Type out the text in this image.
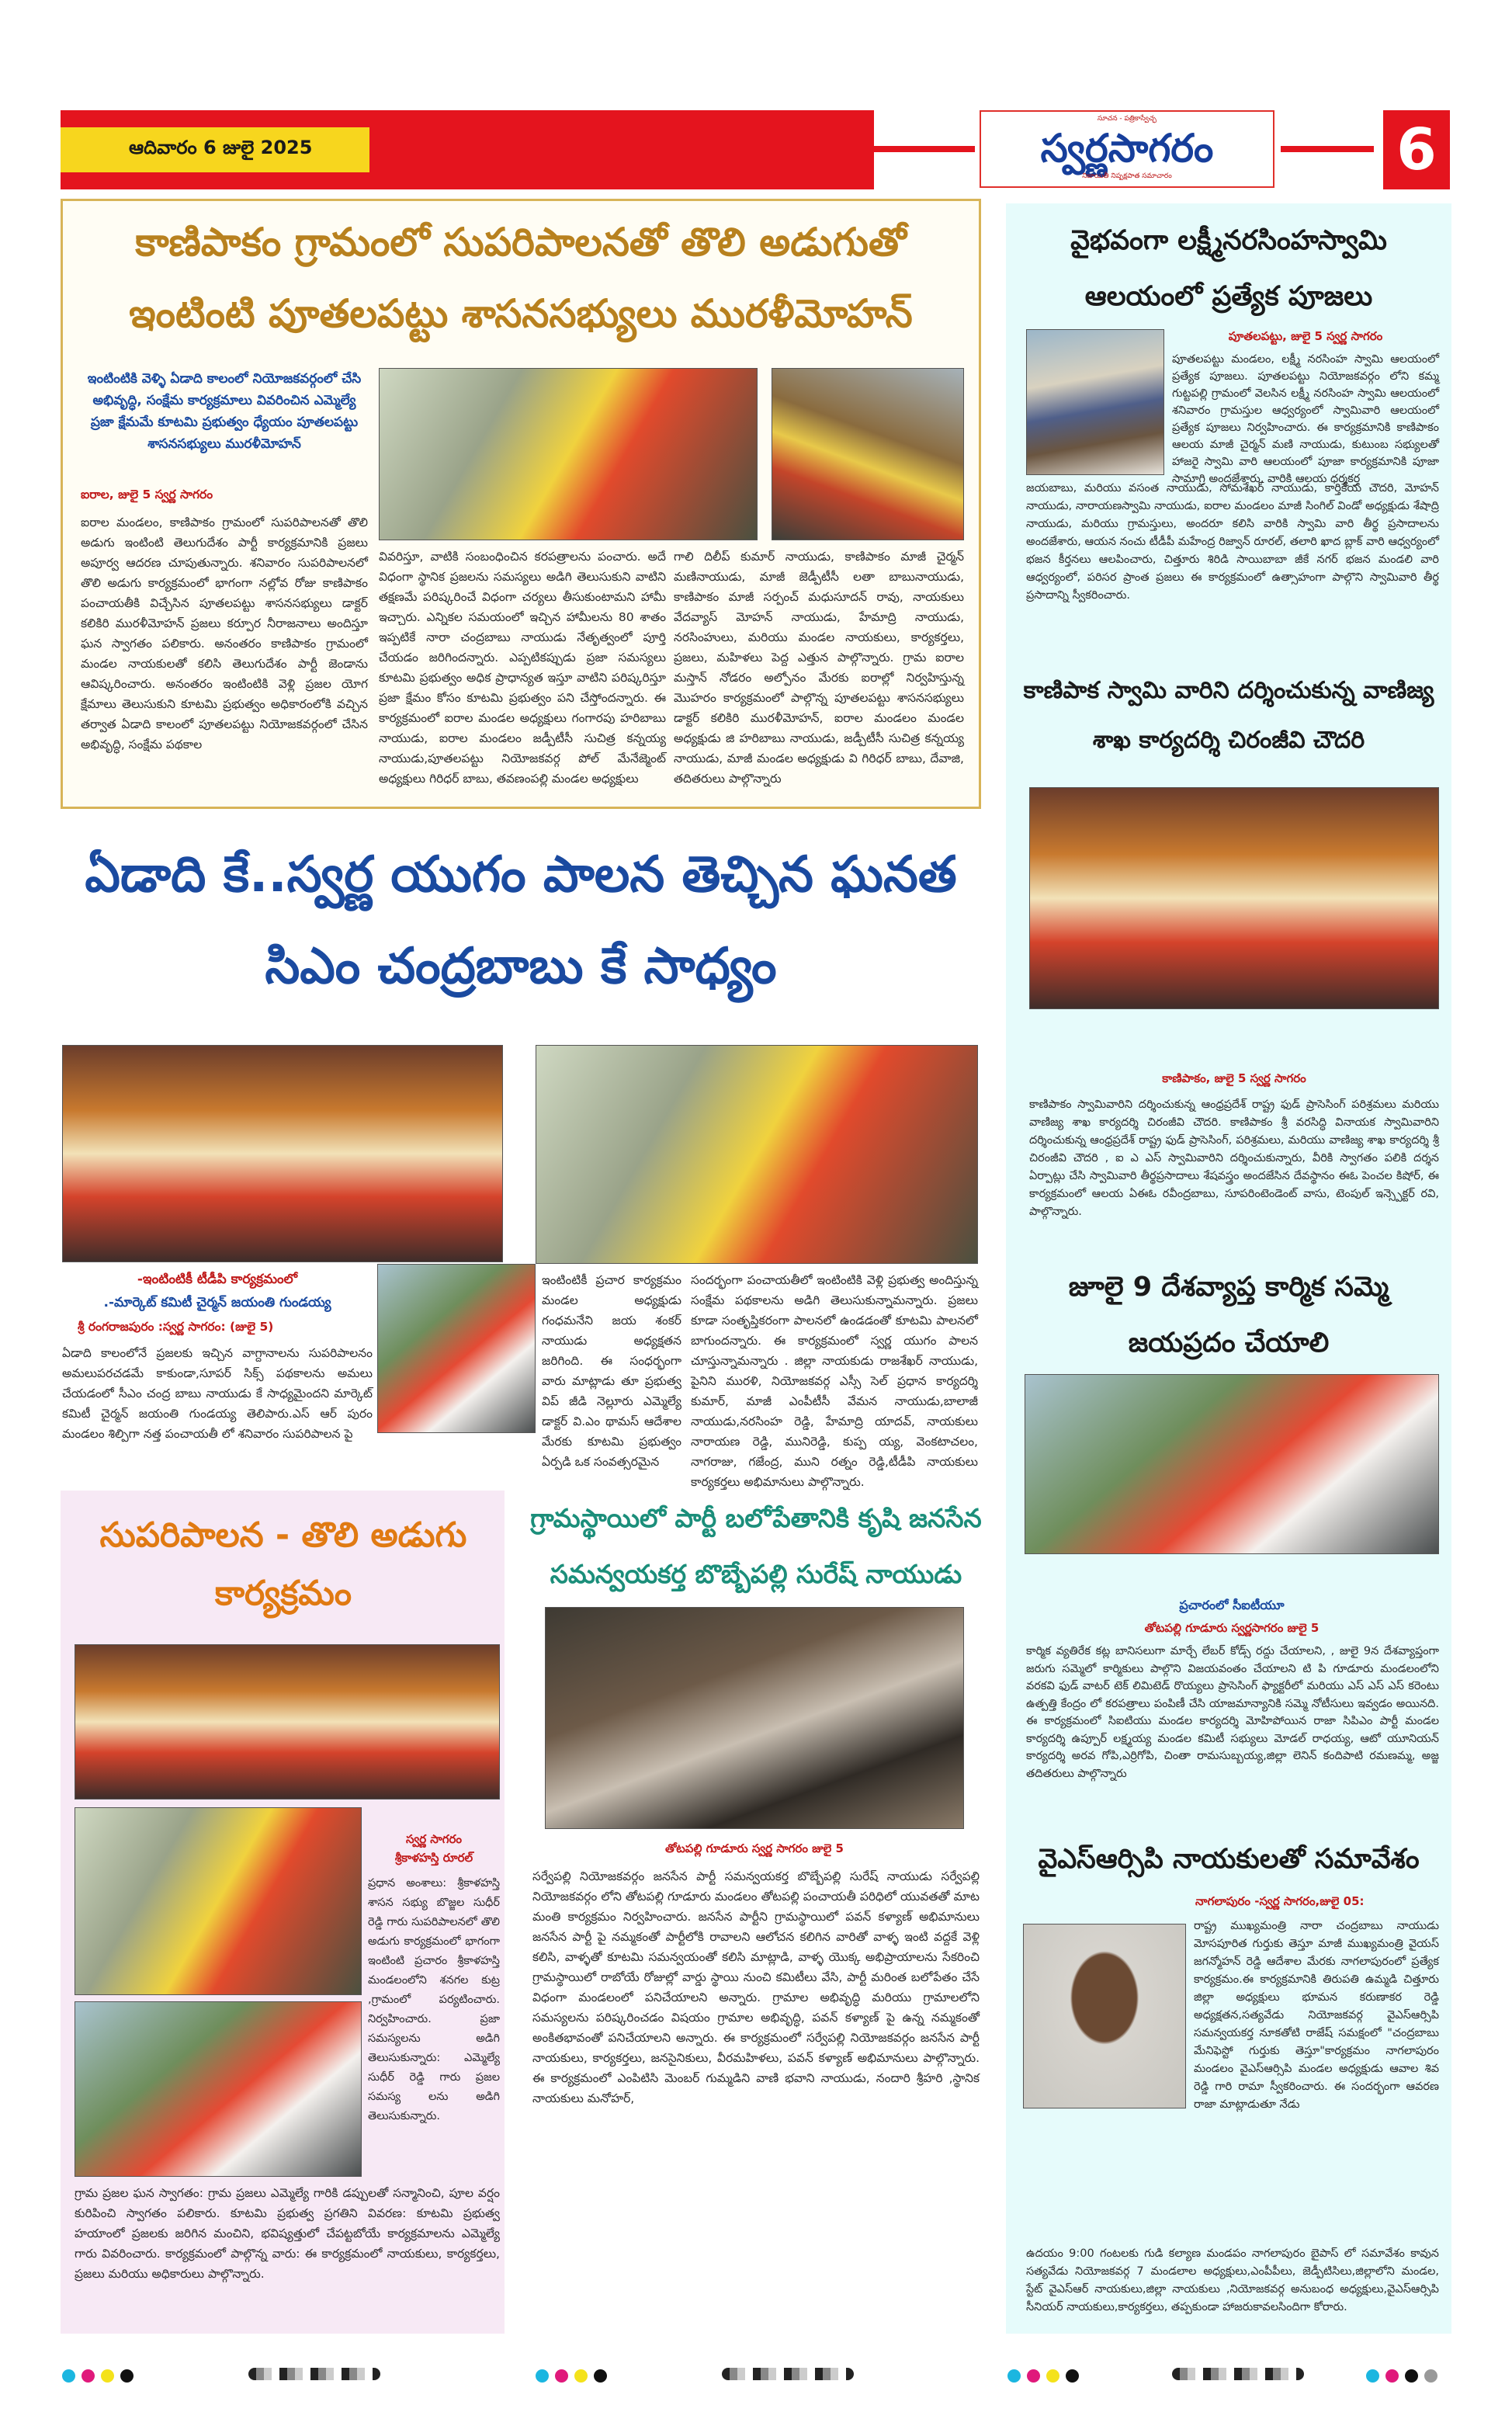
ఆదివారం 6 జులై 2025
సూచన - పత్రికాస్వేచ్ఛ
స్వర్ణసాగరం
నిజాయితీ నిష్పక్షపాత సమాచారం	6
కాణిపాకం గ్రామంలో సుపరిపాలనతో తొలి అడుగుతో ఇంటింటి పూతలపట్టు శాసనసభ్యులు మురళీమోహన్
ఇంటింటికి వెళ్ళి ఏడాది కాలంలో నియోజకవర్గంలో చేసి అభివృద్ధి, సంక్షేమ కార్యక్రమాలు వివరించిన ఎమ్మెల్యే ప్రజా క్షేమమే కూటమి ప్రభుత్వం ధ్యేయం పూతలపట్టు శాసనసభ్యులు మురళీమోహన్
ఐరాల, జులై 5 స్వర్ణ సాగరం
ఐరాల మండలం, కాణిపాకం గ్రామంలో సుపరిపాలనతో తొలి అడుగు ఇంటింటి తెలుగుదేశం పార్టీ కార్యక్రమానికి ప్రజలు అపూర్వ ఆదరణ చూపుతున్నారు. శనివారం సుపరిపాలనలో తొలి అడుగు కార్యక్రమంలో భాగంగా నల్లోవ రోజు కాణిపాకం పంచాయతీకి విచ్చేసిన పూతలపట్టు శాసనసభ్యులు డాక్టర్ కలికిరి మురళీమోహన్ ప్రజలు కర్పూర నీరాజనాలు అందిస్తూ ఘన స్వాగతం పలికారు. అనంతరం కాణిపాకం గ్రామంలో మండల నాయకులతో కలిసి తెలుగుదేశం పార్టీ జెండాను ఆవిష్కరించారు. అనంతరం ఇంటింటికి వెళ్లి ప్రజల యోగ క్షేమాలు తెలుసుకుని కూటమి ప్రభుత్వం అధికారంలోకి వచ్చిన తర్వాత ఏడాది కాలంలో పూతలపట్టు నియోజకవర్గంలో చేసిన అభివృద్ధి, సంక్షేమ పథకాల
వివరిస్తూ, వాటికి సంబంధించిన కరపత్రాలను పంచారు. అదే విధంగా స్థానిక ప్రజలను సమస్యలు అడిగి తెలుసుకుని వాటిని తక్షణమే పరిష్కరించే విధంగా చర్యలు తీసుకుంటామని హామీ ఇచ్చారు. ఎన్నికల సమయంలో ఇచ్చిన హామీలను 80 శాతం ఇప్పటికే నారా చంద్రబాబు నాయుడు నేతృత్వంలో పూర్తి చేయడం జరిగిందన్నారు. ఎప్పటికప్పుడు ప్రజా సమస్యలు కూటమి ప్రభుత్వం అధిక ప్రాధాన్యత ఇస్తూ వాటిని పరిష్కరిస్తూ ప్రజా క్షేమం కోసం కూటమి ప్రభుత్వం పని చేస్తోందన్నారు. ఈ కార్యక్రమంలో ఐరాల మండల అధ్యక్షులు గంగారపు హరిబాబు నాయుడు, ఐరాల మండలం జడ్పీటీసీ సుచిత్ర కన్నయ్య నాయుడు,పూతలపట్టు నియోజకవర్గ పోల్ మేనేజ్మెంట్ అధ్యక్షులు గిరిధర్ బాబు, తవణంపల్లి మండల అధ్యక్షులు
గాలి దిలీప్ కుమార్ నాయుడు, కాణిపాకం మాజీ చైర్మన్ మణినాయుడు, మాజీ జెడ్పీటీసీ లతా బాబునాయుడు, కాణిపాకం మాజీ సర్పంచ్ మధుసూదన్ రావు, నాయకులు వేదవ్యాస్ మోహన్ నాయుడు, హేమాద్రి నాయుడు, నరసింహులు, మరియు మండల నాయకులు, కార్యకర్తలు, ప్రజలు, మహిళలు పెద్ద ఎత్తున పాల్గొన్నారు. గ్రామ ఐరాల మస్తాన్ నోడరం అల్పోనం మేరకు ఐరాల్లో నిర్వహిస్తున్న మొహరం కార్యక్రమంలో పాల్గొన్న పూతలపట్టు శాసనసభ్యులు డాక్టర్ కలికిరి మురళీమోహన్, ఐరాల మండలం మండల అధ్యక్షుడు జి హరిబాబు నాయుడు, జడ్పీటీసీ సుచిత్ర కన్నయ్య నాయుడు, మాజీ మండల అధ్యక్షుడు వి గిరిధర్ బాబు, దేవాజి, తదితరులు పాల్గొన్నారు
ఏడాది కే..స్వర్ణ యుగం పాలన తెచ్చిన ఘనత సిఎం చంద్రబాబు కే సాధ్యం
-ఇంటింటికీ టీడీపి కార్యక్రమంలో
.-మార్కెట్ కమిటీ చైర్మన్ జయంతి గుండయ్య
శ్రీ రంగరాజపురం :స్వర్ణ సాగరం: (జులై 5)
ఏడాది కాలంలోనే ప్రజలకు ఇచ్చిన వాగ్దానాలను సుపరిపాలనం అమలుపరచడమే కాకుండా,సూపర్ సిక్స్ పథకాలను అమలు చేయడంలో సీఎం చంద్ర బాబు నాయుడు కే సాధ్యమైందని మార్కెట్ కమిటీ చైర్మన్ జయంతి గుండయ్య తెలిపారు.ఎస్ ఆర్ పురం మండలం శిల్పిగా నత్త పంచాయతీ లో శనివారం సుపరిపాలన పై
ఇంటింటికీ ప్రచార కార్యక్రమం మండల అధ్యక్షుడు గంధమనేని జయ శంకర్ నాయుడు అధ్యక్షతన జరిగింది. ఈ సంధర్భంగా వారు మాట్లాడు తూ ప్రభుత్వ విప్ జీడి నెల్లూరు ఎమ్మెల్యే డాక్టర్ వి.ఎం థామస్ ఆదేశాల మేరకు కూటమి ప్రభుత్వం ఏర్పడి ఒక సంవత్సరమైన
సందర్భంగా పంచాయతీలో ఇంటింటికి వెళ్లి ప్రభుత్వ అందిస్తున్న సంక్షేమ పథకాలను అడిగి తెలుసుకున్నామన్నారు. ప్రజలు కూడా సంతృప్తికరంగా పాలనలో ఉండడంతో కూటమి పాలనలో బాగుందన్నారు. ఈ కార్యక్రమంలో స్వర్ణ యుగం పాలన చూస్తున్నామన్నారు . జిల్లా నాయకుడు రాజశేఖర్ నాయుడు, పైనిని మురళి, నియోజకవర్గ ఎస్సీ సెల్ ప్రధాన కార్యదర్శి కుమార్, మాజీ ఎంపీటీసీ వేమన నాయుడు,బాలాజీ నాయుడు,నరసింహ రెడ్డి, హేమాద్రి యాదవ్, నాయకులు నారాయణ రెడ్డి, మునిరెడ్డి, కుప్ప య్య, వెంకటాచలం, నాగరాజు, గజేంద్ర, ముని రత్నం రెడ్డి,టీడీపి నాయకులు కార్యకర్తలు అభిమానులు పాల్గొన్నారు.
సుపరిపాలన - తొలి అడుగు కార్యక్రమం
స్వర్ణ సాగరం
శ్రీకాళహస్తి రూరల్
ప్రధాన అంశాలు: శ్రీకాళహస్తి శాసన సభ్యు బొజ్జల సుధీర్ రెడ్డి గారు సుపరిపాలనలో తొలి అడుగు కార్యక్రమంలో భాగంగా ఇంటింటి ప్రచారం శ్రీకాళహస్తి మండలంలోని శనగల కుట్ర ,గ్రామంలో పర్యటించారు. నిర్వహించారు. ప్రజా సమస్యలను అడిగి తెలుసుకున్నారు: ఎమ్మెల్యే సుధీర్ రెడ్డి గారు ప్రజల సమస్య లను అడిగి తెలుసుకున్నారు.
గ్రామ ప్రజల ఘన స్వాగతం: గ్రామ ప్రజలు ఎమ్మెల్యే గారికి డప్పులతో సన్మానించి, పూల వర్షం కురిపించి స్వాగతం పలికారు. కూటమి ప్రభుత్వ ప్రగతిని వివరణ: కూటమి ప్రభుత్వ హయాంలో ప్రజలకు జరిగిన మంచిని, భవిష్యత్తులో చేపట్టబోయే కార్యక్రమాలను ఎమ్మెల్యే గారు వివరించారు. కార్యక్రమంలో పాల్గొన్న వారు: ఈ కార్యక్రమంలో నాయకులు, కార్యకర్తలు, ప్రజలు మరియు అధికారులు పాల్గొన్నారు.
గ్రామస్థాయిలో పార్టీ బలోపేతానికి కృషి జనసేన సమన్వయకర్త బొబ్బేపల్లి సురేష్ నాయుడు
తోటపల్లి గూడూరు స్వర్ణ సాగరం జులై 5
సర్వేపల్లి నియోజకవర్గం జనసేన పార్టీ సమన్వయకర్త బొబ్బేపల్లి సురేష్ నాయుడు సర్వేపల్లి నియోజకవర్గం లోని తోటపల్లి గూడూరు మండలం తోటపల్లి పంచాయతీ పరిధిలో యువతతో మాట మంతి కార్యక్రమం నిర్వహించారు. జనసేన పార్టీని గ్రామస్థాయిలో పవన్ కళ్యాణ్ అభిమానులు జనసేన పార్టీ పై నమ్మకంతో పార్టీలోకి రావాలని ఆలోచన కలిగిన వారితో వాళ్ళ ఇంటి వద్దకే వెళ్లి కలిసి, వాళ్ళతో కూటమి సమన్వయంతో కలిసి మాట్లాడి, వాళ్ళ యొక్క అభిప్రాయాలను సేకరించి గ్రామస్థాయిలో రాబోయే రోజుల్లో వార్డు స్థాయి నుంచి కమిటీలు వేసి, పార్టీ మరింత బలోపేతం చేసే విధంగా మండలంలో పనిచేయాలని అన్నారు. గ్రామాల అభివృద్ధి మరియు గ్రామాలలోని సమస్యలను పరిష్కరించడం విషయం గ్రామాల అభివృద్ధి, పవన్ కళ్యాణ్ పై ఉన్న నమ్మకంతో అంకితభావంతో పనిచేయాలని అన్నారు. ఈ కార్యక్రమంలో సర్వేపల్లి నియోజకవర్గం జనసేన పార్టీ నాయకులు, కార్యకర్తలు, జనసైనికులు, వీరమహిళలు, పవన్ కళ్యాణ్ అభిమానులు పాల్గొన్నారు. ఈ కార్యక్రమంలో ఎంపిటిసి మెంబర్ గుమ్మడిని వాణి భవాని నాయుడు, నందారి శ్రీహరి ,స్థానిక నాయకులు మనోహర్,
వైభవంగా లక్ష్మీనరసింహస్వామి ఆలయంలో ప్రత్యేక పూజలు
పూతలపట్టు, జులై 5 స్వర్ణ సాగరం
పూతలపట్టు మండలం, లక్ష్మీ నరసింహ స్వామి ఆలయంలో ప్రత్యేక పూజలు. పూతలపట్టు నియోజకవర్గం లోని కమ్మ గుట్టపల్లి గ్రామంలో వెలసిన లక్ష్మీ నరసింహ స్వామి ఆలయంలో శనివారం గ్రామస్తుల ఆధ్వర్యంలో స్వామివారి ఆలయంలో ప్రత్యేక పూజలు నిర్వహించారు. ఈ కార్యక్రమానికి కాణిపాకం ఆలయ మాజీ చైర్మన్ మణి నాయుడు, కుటుంబ సభ్యులతో హాజరై స్వామి వారి ఆలయంలో పూజా కార్యక్రమానికి పూజా సామాగ్రి అందజేశారు, వారికి ఆలయ ధర్మకర్త
జయబాబు, మరియు వసంత నాయుడు, సోమశేఖర్ నాయుడు, కార్తికేయ చౌదరి, మోహన్ నాయుడు, నారాయణస్వామి నాయుడు, ఐరాల మండలం మాజీ సింగిల్ విండో అధ్యక్షుడు శేషాద్రి నాయుడు, మరియు గ్రామస్తులు, అందరూ కలిసి వారికి స్వామి వారి తీర్థ ప్రసాదాలను అందజేశారు, ఆయన నంచు టీడీపీ మహేంద్ర రిజ్వాన్ రూరల్, తలారి ఖాద బ్లాక్ వారి ఆధ్వర్యంలో భజన కీర్తనలు ఆలపించారు, చిత్తూరు శిరిడి సాయిబాబా జీకే నగర్ భజన మండలి వారి ఆధ్వర్యంలో, పరిసర ప్రాంత ప్రజలు ఈ కార్యక్రమంలో ఉత్సాహంగా పాల్గొని స్వామివారి తీర్థ ప్రసాదాన్ని స్వీకరించారు.
కాణిపాక స్వామి వారిని దర్శించుకున్న వాణిజ్య శాఖ కార్యదర్శి చిరంజీవి చౌదరి
కాణిపాకం, జులై 5 స్వర్ణ సాగరం
కాణిపాకం స్వామివారిని దర్శించుకున్న ఆంధ్రప్రదేశ్ రాష్ట్ర ఫుడ్ ప్రాసెసింగ్ పరిశ్రమలు మరియు వాణిజ్య శాఖ కార్యదర్శి చిరంజీవి చౌదరి. కాణిపాకం శ్రీ వరసిద్ధి వినాయక స్వామివారిని దర్శించుకున్న ఆంధ్రప్రదేశ్ రాష్ట్ర ఫుడ్ ప్రాసెసింగ్, పరిశ్రమలు, మరియు వాణిజ్య శాఖ కార్యదర్శి శ్రీ చిరంజీవి చౌదరి , ఐ ఎ ఎస్ స్వామివారిని దర్శించుకున్నారు, వీరికి స్వాగతం పలికి దర్శన ఏర్పాట్లు చేసి స్వామివారి తీర్థప్రసాదాలు శేషవస్త్రం అందజేసిన దేవస్థానం ఈఓ పెంచల కిషోర్, ఈ కార్యక్రమంలో ఆలయ ఏఈఓ రవీంద్రబాబు, సూపరింటెండెంట్ వాసు, టెంపుల్ ఇన్స్పెక్టర్ రవి, పాల్గొన్నారు.
జూలై 9 దేశవ్యాప్త కార్మిక సమ్మె జయప్రదం చేయాలి
ప్రచారంలో సీఐటీయూ
తోటపల్లి గూడూరు స్వర్ణసాగరం జులై 5
కార్మిక వ్యతిరేక కట్ల బానిసలుగా మార్చే లేబర్ కోడ్స్ రద్దు చేయాలని, , జులై 9న దేశవ్యాప్తంగా జరుగు సమ్మెలో కార్మికులు పాల్గొని విజయవంతం చేయాలని టి పి గూడూరు మండలంలోని వరకవి ఫుడ్ వాటర్ టెక్ లిమిటెడ్ రొయ్యలు ప్రాసెసింగ్ ఫ్యాక్టరీలో మరియు ఎస్ ఎస్ ఎస్ కరెంటు ఉత్పత్తి కేంద్రం లో కరపత్రాలు పంపిణీ చేసి యాజమాన్యానికి సమ్మె నోటీసులు ఇవ్వడం అయినది. ఈ కార్యక్రమంలో సిఐటియు మండల కార్యదర్శి మోహిపోయిన రాజా సిపిఎం పార్టీ మండల కార్యదర్శి ఉప్పూర్ లక్ష్మయ్య మండల కమిటీ సభ్యులు మోడల్ రాధయ్య, ఆటో యూనియన్ కార్యదర్శి అరవ గోపి,ఎర్రిగోపి, చింతా రామసుబ్బయ్య,జిల్లా లెనిన్ కందిపాటి రమణమ్మ, అజ్జ తదితరులు పాల్గొన్నారు
వైఎస్ఆర్సిపి నాయకులతో సమావేశం
నాగలాపురం -స్వర్ణ సాగరం,జులై 05:
రాష్ట్ర ముఖ్యమంత్రి నారా చంద్రబాబు నాయుడు మోసపూరిత గుర్తుకు తెస్తూ మాజీ ముఖ్యమంత్రి వైయస్ జగన్మోహన్ రెడ్డి ఆదేశాల మేరకు నాగలాపురంలో ప్రత్యేక కార్యక్రమం.ఈ కార్యక్రమానికి తిరుపతి ఉమ్మడి చిత్తూరు జిల్లా అధ్యక్షులు భూమన కరుణాకర రెడ్డి అధ్యక్షతన,సత్యవేడు నియోజకవర్గ వైఎస్ఆర్సిపి సమన్వయకర్త నూకతోటి రాజేష్ సమక్షంలో "చంద్రబాబు మేనిఫెస్టో గుర్తుకు తెస్తూ"కార్యక్రమం నాగలాపురం మండలం వైఎస్ఆర్సిపి మండల అధ్యక్షుడు ఆవాల శివ రెడ్డి గారి రామా స్వీకరించారు. ఈ సందర్భంగా ఆవరణ రాజా మాట్లాడుతూ నేడు
ఉదయం 9:00 గంటలకు గుడి కల్యాణ మండపం నాగలాపురం బైపాస్ లో సమావేశం కావున సత్యవేడు నియోజకవర్గ 7 మండలాల అధ్యక్షులు,ఎంపీపీలు, జెడ్పీటిసిలు,జిల్లాలోని మండల, స్టేట్ వైఎస్ఆర్ నాయకులు,జిల్లా నాయకులు ,నియోజకవర్గ అనుబంధ అధ్యక్షులు,వైఎస్ఆర్సిపి సీనియర్ నాయకులు,కార్యకర్తలు, తప్పకుండా హాజరుకావలసిందిగా కోరారు.
